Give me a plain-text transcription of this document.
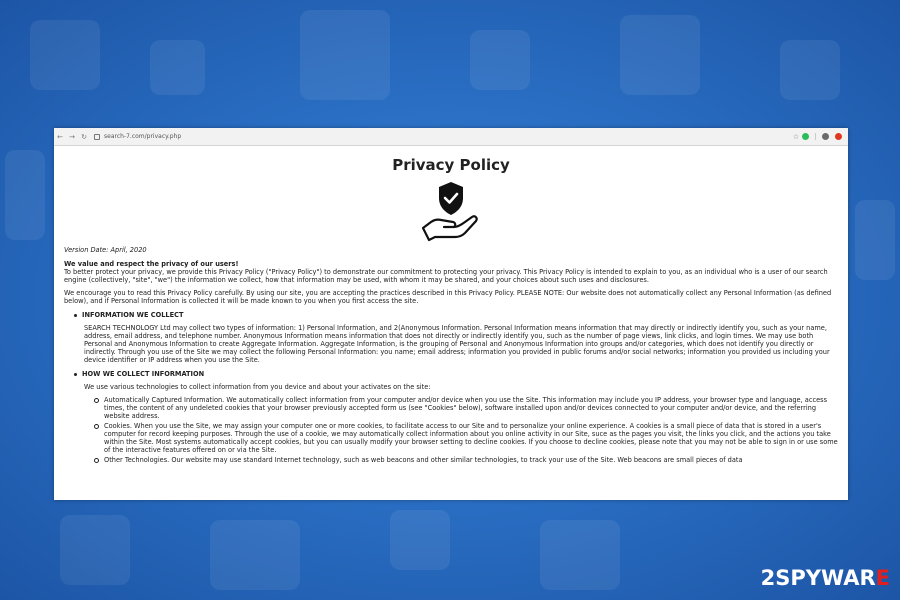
← → ↻	search-7.com/privacy.php	☆
Privacy Policy
Version Date: April, 2020
We value and respect the privacy of our users!

To better protect your privacy, we provide this Privacy Policy ("Privacy Policy") to demonstrate our commitment to protecting your privacy. This Privacy Policy is intended to explain to you, as an individual who is a user of our search engine (collectively, "site", "we") the information we collect, how that information may be used, with whom it may be shared, and your choices about such uses and disclosures.

We encourage you to read this Privacy Policy carefully. By using our site, you are accepting the practices described in this Privacy Policy. PLEASE NOTE: Our website does not automatically collect any Personal Information (as defined below), and if Personal Information is collected it will be made known to you when you first access the site.

INFORMATION WE COLLECT

SEARCH TECHNOLOGY Ltd may collect two types of information: 1) Personal Information, and 2(Anonymous Information. Personal Information means information that may directly or indirectly identify you, such as your name, address, email address, and telephone number. Anonymous Information means information that does not directly or indirectly identify you, such as the number of page views, link clicks, and login times. We may use both Personal and Anonymous Information to create Aggregate Information. Aggregate Information, is the grouping of Personal and Anonymous Information into groups and/or categories, which does not identify you directly or indirectly. Through you use of the Site we may collect the following Personal Information: you name; email address; information you provided in public forums and/or social networks; information you provided us including your device identifier or IP address when you use the Site.

HOW WE COLLECT INFORMATION

We use various technologies to collect information from you device and about your activates on the site:

Automatically Captured Information. We automatically collect information from your computer and/or device when you use the Site. This information may include you IP address, your browser type and language, access times, the content of any undeleted cookies that your browser previously accepted form us (see "Cookies" below), software installed upon and/or devices connected to your computer and/or device, and the referring website address.
Cookies. When you use the Site, we may assign your computer one or more cookies, to facilitate access to our Site and to personalize your online experience. A cookies is a small piece of data that is stored in a user's computer for record keeping purposes. Through the use of a cookie, we may automatically collect information about you online activity in our Site, suce as the pages you visit, the links you click, and the actions you take within the Site. Most systems automatically accept cookies, but you can usually modify your browser setting to decline cookies. If you choose to decline cookies, please note that you may not be able to sign in or use some of the interactive features offered on or via the Site.
Other Technologies. Our website may use standard Internet technology, such as web beacons and other similar technologies, to track your use of the Site. Web beacons are small pieces of data
2SPYWARE
